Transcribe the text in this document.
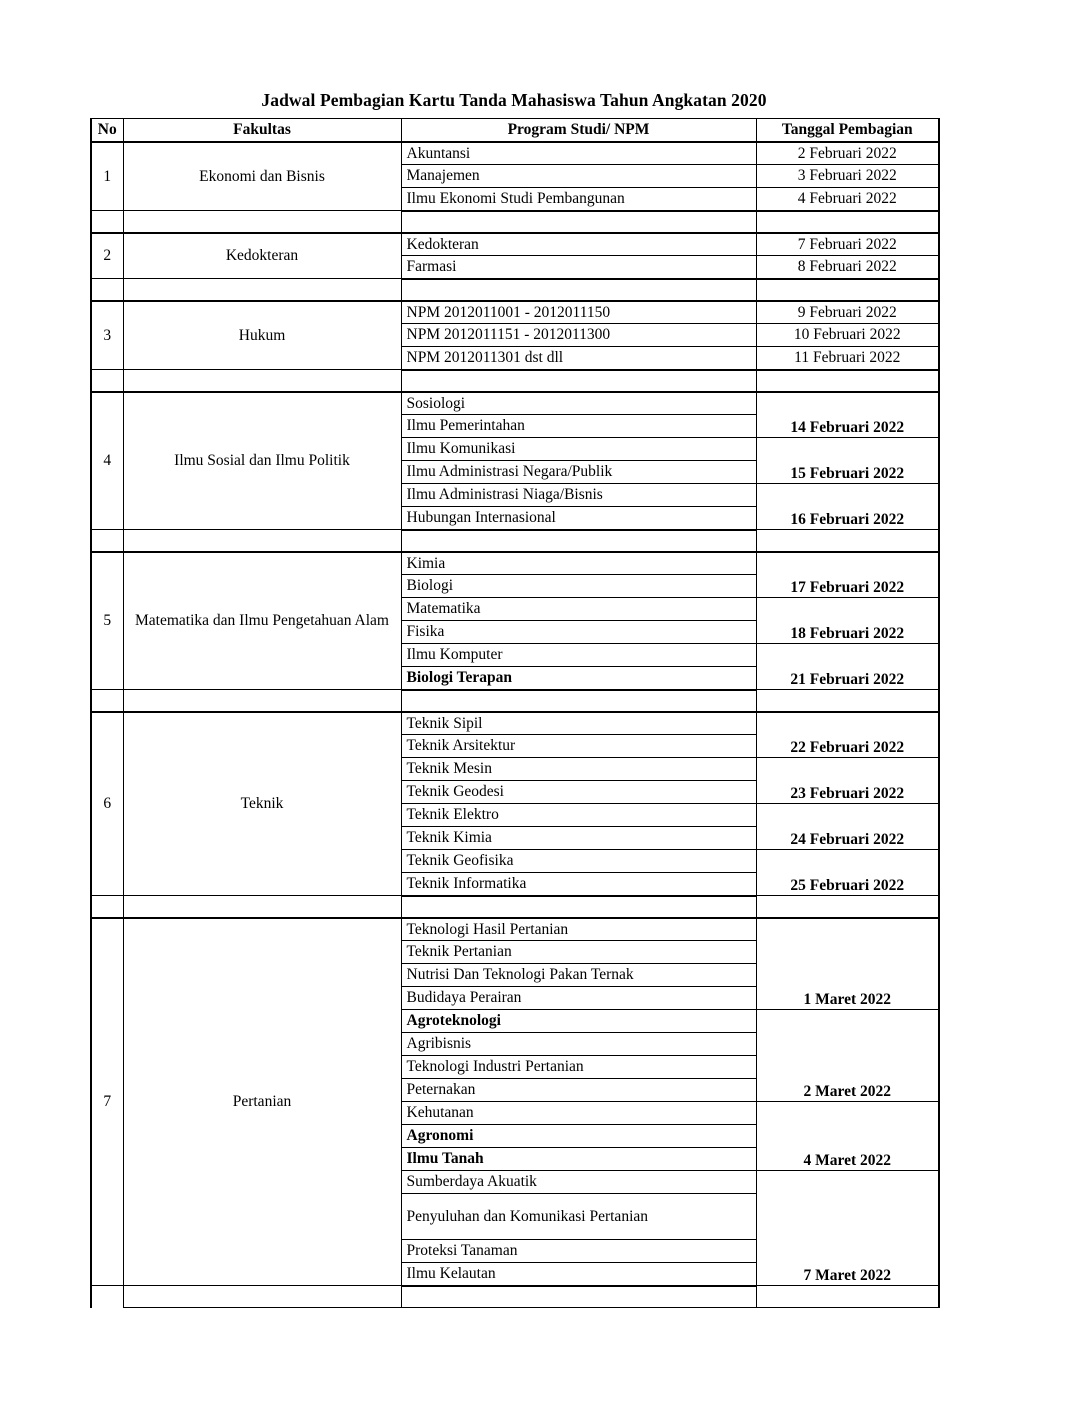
Jadwal Pembagian Kartu Tanda Mahasiswa Tahun Angkatan 2020
No	Fakultas	Program Studi/ NPM	Tanggal Pembagian
1	Ekonomi dan Bisnis	Akuntansi	2 Februari 2022
		Manajemen	3 Februari 2022
		Ilmu Ekonomi Studi Pembangunan	4 Februari 2022

2	Kedokteran	Kedokteran	7 Februari 2022
		Farmasi	8 Februari 2022

3	Hukum	NPM 2012011001 - 2012011150	9 Februari 2022
		NPM 2012011151 - 2012011300	10 Februari 2022
		NPM 2012011301 dst dll	11 Februari 2022

4	Ilmu Sosial dan Ilmu Politik	Sosiologi	14 Februari 2022
		Ilmu Pemerintahan	
		Ilmu Komunikasi	15 Februari 2022
		Ilmu Administrasi Negara/Publik	
		Ilmu Administrasi Niaga/Bisnis	16 Februari 2022
		Hubungan Internasional	

5	Matematika dan Ilmu Pengetahuan Alam	Kimia	17 Februari 2022
		Biologi	
		Matematika	18 Februari 2022
		Fisika	
		Ilmu Komputer	21 Februari 2022
		Biologi Terapan	

6	Teknik	Teknik Sipil	22 Februari 2022
		Teknik Arsitektur	
		Teknik Mesin	23 Februari 2022
		Teknik Geodesi	
		Teknik Elektro	24 Februari 2022
		Teknik Kimia	
		Teknik Geofisika	25 Februari 2022
		Teknik Informatika	

7	Pertanian	Teknologi Hasil Pertanian	1 Maret 2022
		Teknik Pertanian	
		Nutrisi Dan Teknologi Pakan Ternak	
		Budidaya Perairan	
		Agroteknologi	2 Maret 2022
		Agribisnis	
		Teknologi Industri Pertanian	
		Peternakan	
		Kehutanan	4 Maret 2022
		Agronomi	
		Ilmu Tanah	
		Sumberdaya Akuatik	7 Maret 2022
		Penyuluhan dan Komunikasi Pertanian	
		Proteksi Tanaman	
		Ilmu Kelautan	
